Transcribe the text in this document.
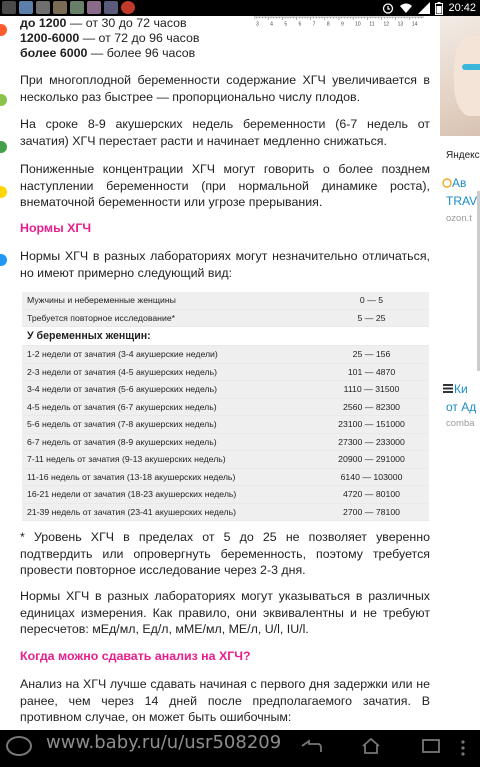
20:42
3 4 5 6 7 8 9 10 11 12 13 14
до 1200 — от 30 до 72 часов
1200-6000 — от 72 до 96 часов
более 6000 — более 96 часов

При многоплодной беременности содержание ХГЧ увеличивается в несколько раз быстрее — пропорционально числу плодов.

На сроке 8-9 акушерских недель беременности (6-7 недель от зачатия) ХГЧ перестает расти и начинает медленно снижаться.

Пониженные концентрации ХГЧ могут говорить о более позднем наступлении беременности (при нормальной динамике роста), внематочной беременности или угрозе прерывания.

Нормы ХГЧ

Нормы ХГЧ в разных лабораториях могут незначительно отличаться, но имеют примерно следующий вид:

Мужчины и небеременные женщины	0 — 5
Требуется повторное исследование*	5 — 25
У беременных женщин:	
1-2 недели от зачатия (3-4 акушерские недели)	25 — 156
2-3 недели от зачатия (4-5 акушерских недель)	101 — 4870
3-4 недели от зачатия (5-6 акушерских недель)	1110 — 31500
4-5 недель от зачатия (6-7 акушерских недель)	2560 — 82300
5-6 недель от зачатия (7-8 акушерских недель)	23100 — 151000
6-7 недель от зачатия (8-9 акушерских недель)	27300 — 233000
7-11 недель от зачатия (9-13 акушерских недель)	20900 — 291000
11-16 недель от зачатия (13-18 акушерских недель)	6140 — 103000
16-21 недели от зачатия (18-23 акушерских недель)	4720 — 80100
21-39 недель от зачатия (23-41 акушерских недель)	2700 — 78100

* Уровень ХГЧ в пределах от 5 до 25 не позволяет уверенно подтвердить или опровергнуть беременность, поэтому требуется провести повторное исследование через 2-3 дня.

Нормы ХГЧ в разных лабораториях могут указываться в различных единицах измерения. Как правило, они эквивалентны и не требуют пересчетов: мЕд/мл, Ед/л, мМЕ/мл, МЕ/л, U/l, IU/l.

Когда можно сдавать анализ на ХГЧ?

Анализ на ХГЧ лучше сдавать начиная с первого дня задержки или не ранее, чем через 14 дней после предполагаемого зачатия. В противном случае, он может быть ошибочным:

Яндекс
Ав
TRAV
ozon.t
Ки
от Ад
comba
www.baby.ru/u/usr508209
